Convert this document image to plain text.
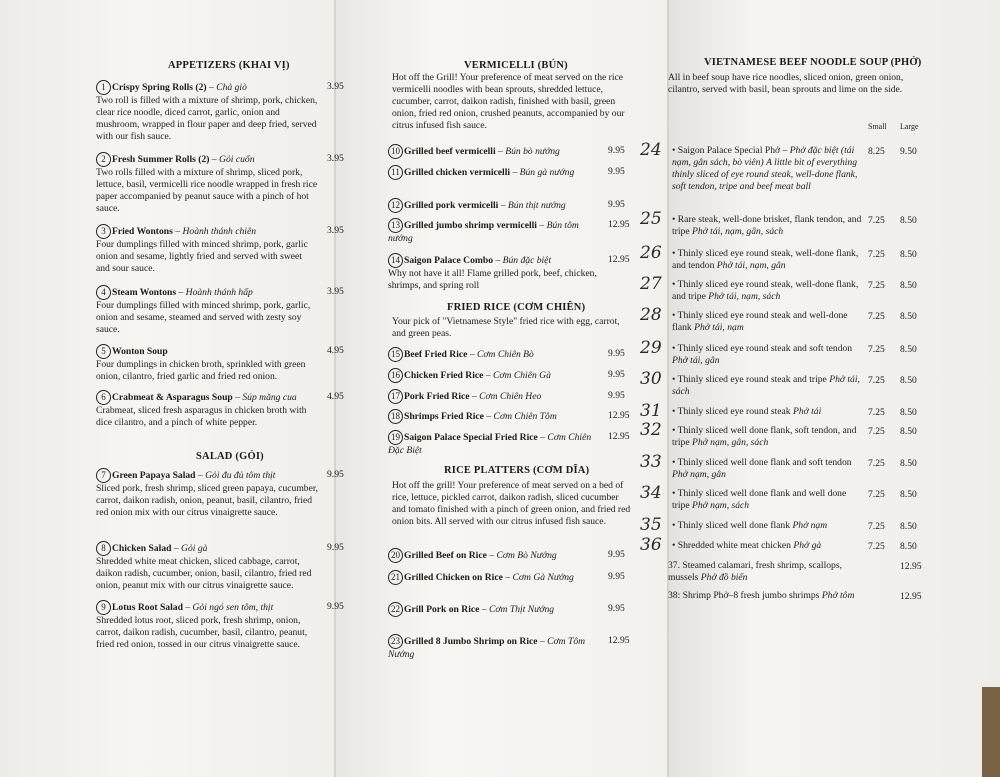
APPETIZERS (KHAI VỊ)
1 Crispy Spring Rolls (2) – Chả giò
Two roll is filled with a mixture of shrimp, pork, chicken, clear rice noodle, diced carrot, garlic, onion and mushroom, wrapped in flour paper and deep fried, served with our fish sauce.
3.95
2 Fresh Summer Rolls (2) – Gỏi cuốn
Two rolls filled with a mixture of shrimp, sliced pork, lettuce, basil, vermicelli rice noodle wrapped in fresh rice paper accompanied by peanut sauce with a pinch of hot sauce.
3.95
3 Fried Wontons – Hoành thánh chiên
Four dumplings filled with minced shrimp, pork, garlic onion and sesame, lightly fried and served with sweet and sour sauce.
3.95
4 Steam Wontons – Hoành thánh hấp
Four dumplings filled with minced shrimp, pork, garlic, onion and sesame, steamed and served with zesty soy sauce.
3.95
5 Wonton Soup
Four dumplings in chicken broth, sprinkled with green onion, cilantro, fried garlic and fried red onion.
4.95
6 Crabmeat & Asparagus Soup – Súp măng cua
Crabmeat, sliced fresh asparagus in chicken broth with dice cilantro, and a pinch of white pepper.
4.95
SALAD (GỎI)
7 Green Papaya Salad – Gỏi đu đủ tôm thịt
Sliced pork, fresh shrimp, sliced green papaya, cucumber, carrot, daikon radish, onion, peanut, basil, cilantro, fried red onion mix with our citrus vinaigrette sauce.
9.95
8 Chicken Salad – Gỏi gà
Shredded white meat chicken, sliced cabbage, carrot, daikon radish, cucumber, onion, basil, cilantro, fried red onion, peanut mix with our citrus vinaigrette sauce.
9.95
9 Lotus Root Salad – Gỏi ngó sen tôm, thịt
Shredded lotus root, sliced pork, fresh shrimp, onion, carrot, daikon radish, cucumber, basil, cilantro, peanut, fried red onion, tossed in our citrus vinaigrette sauce.
9.95
VERMICELLI (BÚN)
Hot off the Grill! Your preference of meat served on the rice vermicelli noodles with bean sprouts, shredded lettuce, cucumber, carrot, daikon radish, finished with basil, green onion, fried red onion, crushed peanuts, accompanied by our citrus infused fish sauce.
10 Grilled beef vermicelli – Bún bò nướng	9.95
11 Grilled chicken vermicelli – Bún gà nướng	9.95
12 Grilled pork vermicelli – Bún thịt nướng	9.95
13 Grilled jumbo shrimp vermicelli – Bún tôm nướng
12.95
14 Saigon Palace Combo – Bún đặc biệt
Why not have it all! Flame grilled pork, beef, chicken, shrimps, and spring roll
12.95
FRIED RICE (CƠM CHIÊN)
Your pick of "Vietnamese Style" fried rice with egg, carrot, and green peas.
15 Beef Fried Rice – Cơm Chiên Bò	9.95
16 Chicken Fried Rice – Cơm Chiên Gà	9.95
17 Pork Fried Rice – Cơm Chiên Heo	9.95
18 Shrimps Fried Rice – Cơm Chiên Tôm	12.95
19 Saigon Palace Special Fried Rice – Cơm Chiên Đặc Biệt
12.95
RICE PLATTERS (CƠM DĨA)
Hot off the grill! Your preference of meat served on a bed of rice, lettuce, pickled carrot, daikon radish, sliced cucumber and tomato finished with a pinch of green onion, and fried red onion bits. All served with our citrus infused fish sauce.
20 Grilled Beef on Rice – Cơm Bò Nướng	9.95
21 Grilled Chicken on Rice – Cơm Gà Nướng	9.95
22 Grill Pork on Rice – Cơm Thịt Nướng	9.95
23 Grilled 8 Jumbo Shrimp on Rice – Cơm Tôm Nướng
12.95
VIETNAMESE BEEF NOODLE SOUP (PHỞ)
All in beef soup have rice noodles, sliced onion, green onion, cilantro, served with basil, bean sprouts and lime on the side.
Small Large
24 • Saigon Palace Special Phở – Phở đặc biệt (tái nạm, gân sách, bò viên) A little bit of everything thinly sliced of eye round steak, well-done flank, soft tendon, tripe and beef meat ball
8.25 9.50
25 • Rare steak, well-done brisket, flank tendon, and tripe Phở tái, nạm, gân, sách
7.25 8.50
26 • Thinly sliced eye round steak, well-done flank, and tendon Phở tái, nạm, gân
7.25 8.50
27 • Thinly sliced eye round steak, well-done flank, and tripe Phở tái, nạm, sách
7.25 8.50
28 • Thinly sliced eye round steak and well-done flank Phở tái, nạm
7.25 8.50
29 • Thinly sliced eye round steak and soft tendon Phở tái, gân
7.25 8.50
30 • Thinly sliced eye round steak and tripe Phở tái, sách
7.25 8.50
31 • Thinly sliced eye round steak Phở tái	7.25 8.50
32 • Thinly sliced well done flank, soft tendon, and tripe Phở nạm, gân, sách
7.25 8.50
33 • Thinly sliced well done flank and soft tendon Phở nạm, gân
7.25 8.50
34 • Thinly sliced well done flank and well done tripe Phở nạm, sách
7.25 8.50
35 • Thinly sliced well done flank Phở nạm	7.25 8.50
36 • Shredded white meat chicken Phở gà	7.25 8.50
37. Steamed calamari, fresh shrimp, scallops, mussels Phở đồ biển
12.95
38: Shrimp Phở–8 fresh jumbo shrimps Phở tôm	12.95
